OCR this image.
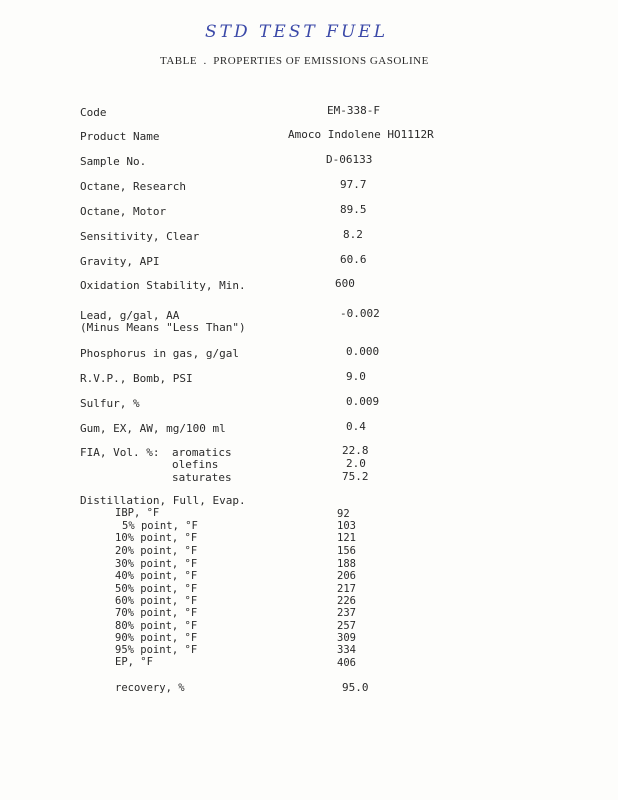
STD TEST FUEL
TABLE  .  PROPERTIES OF EMISSIONS GASOLINE
Code	EM-338-F
Product Name	Amoco Indolene HO1112R
Sample No.	D-06133
Octane, Research	97.7
Octane, Motor	89.5
Sensitivity, Clear	8.2
Gravity, API	60.6
Oxidation Stability, Min.	600
Lead, g/gal, AA	-0.002
(Minus Means "Less Than")
Phosphorus in gas, g/gal	0.000
R.V.P., Bomb, PSI	9.0
Sulfur, %	0.009
Gum, EX, AW, mg/100 ml	0.4
FIA, Vol. %: aromatics	22.8
olefins	2.0
saturates	75.2
Distillation, Full, Evap.
IBP, °F	92
5% point, °F	103
10% point, °F	121
20% point, °F	156
30% point, °F	188
40% point, °F	206
50% point, °F	217
60% point, °F	226
70% point, °F	237
80% point, °F	257
90% point, °F	309
95% point, °F	334
EP, °F	406
recovery, %	95.0
